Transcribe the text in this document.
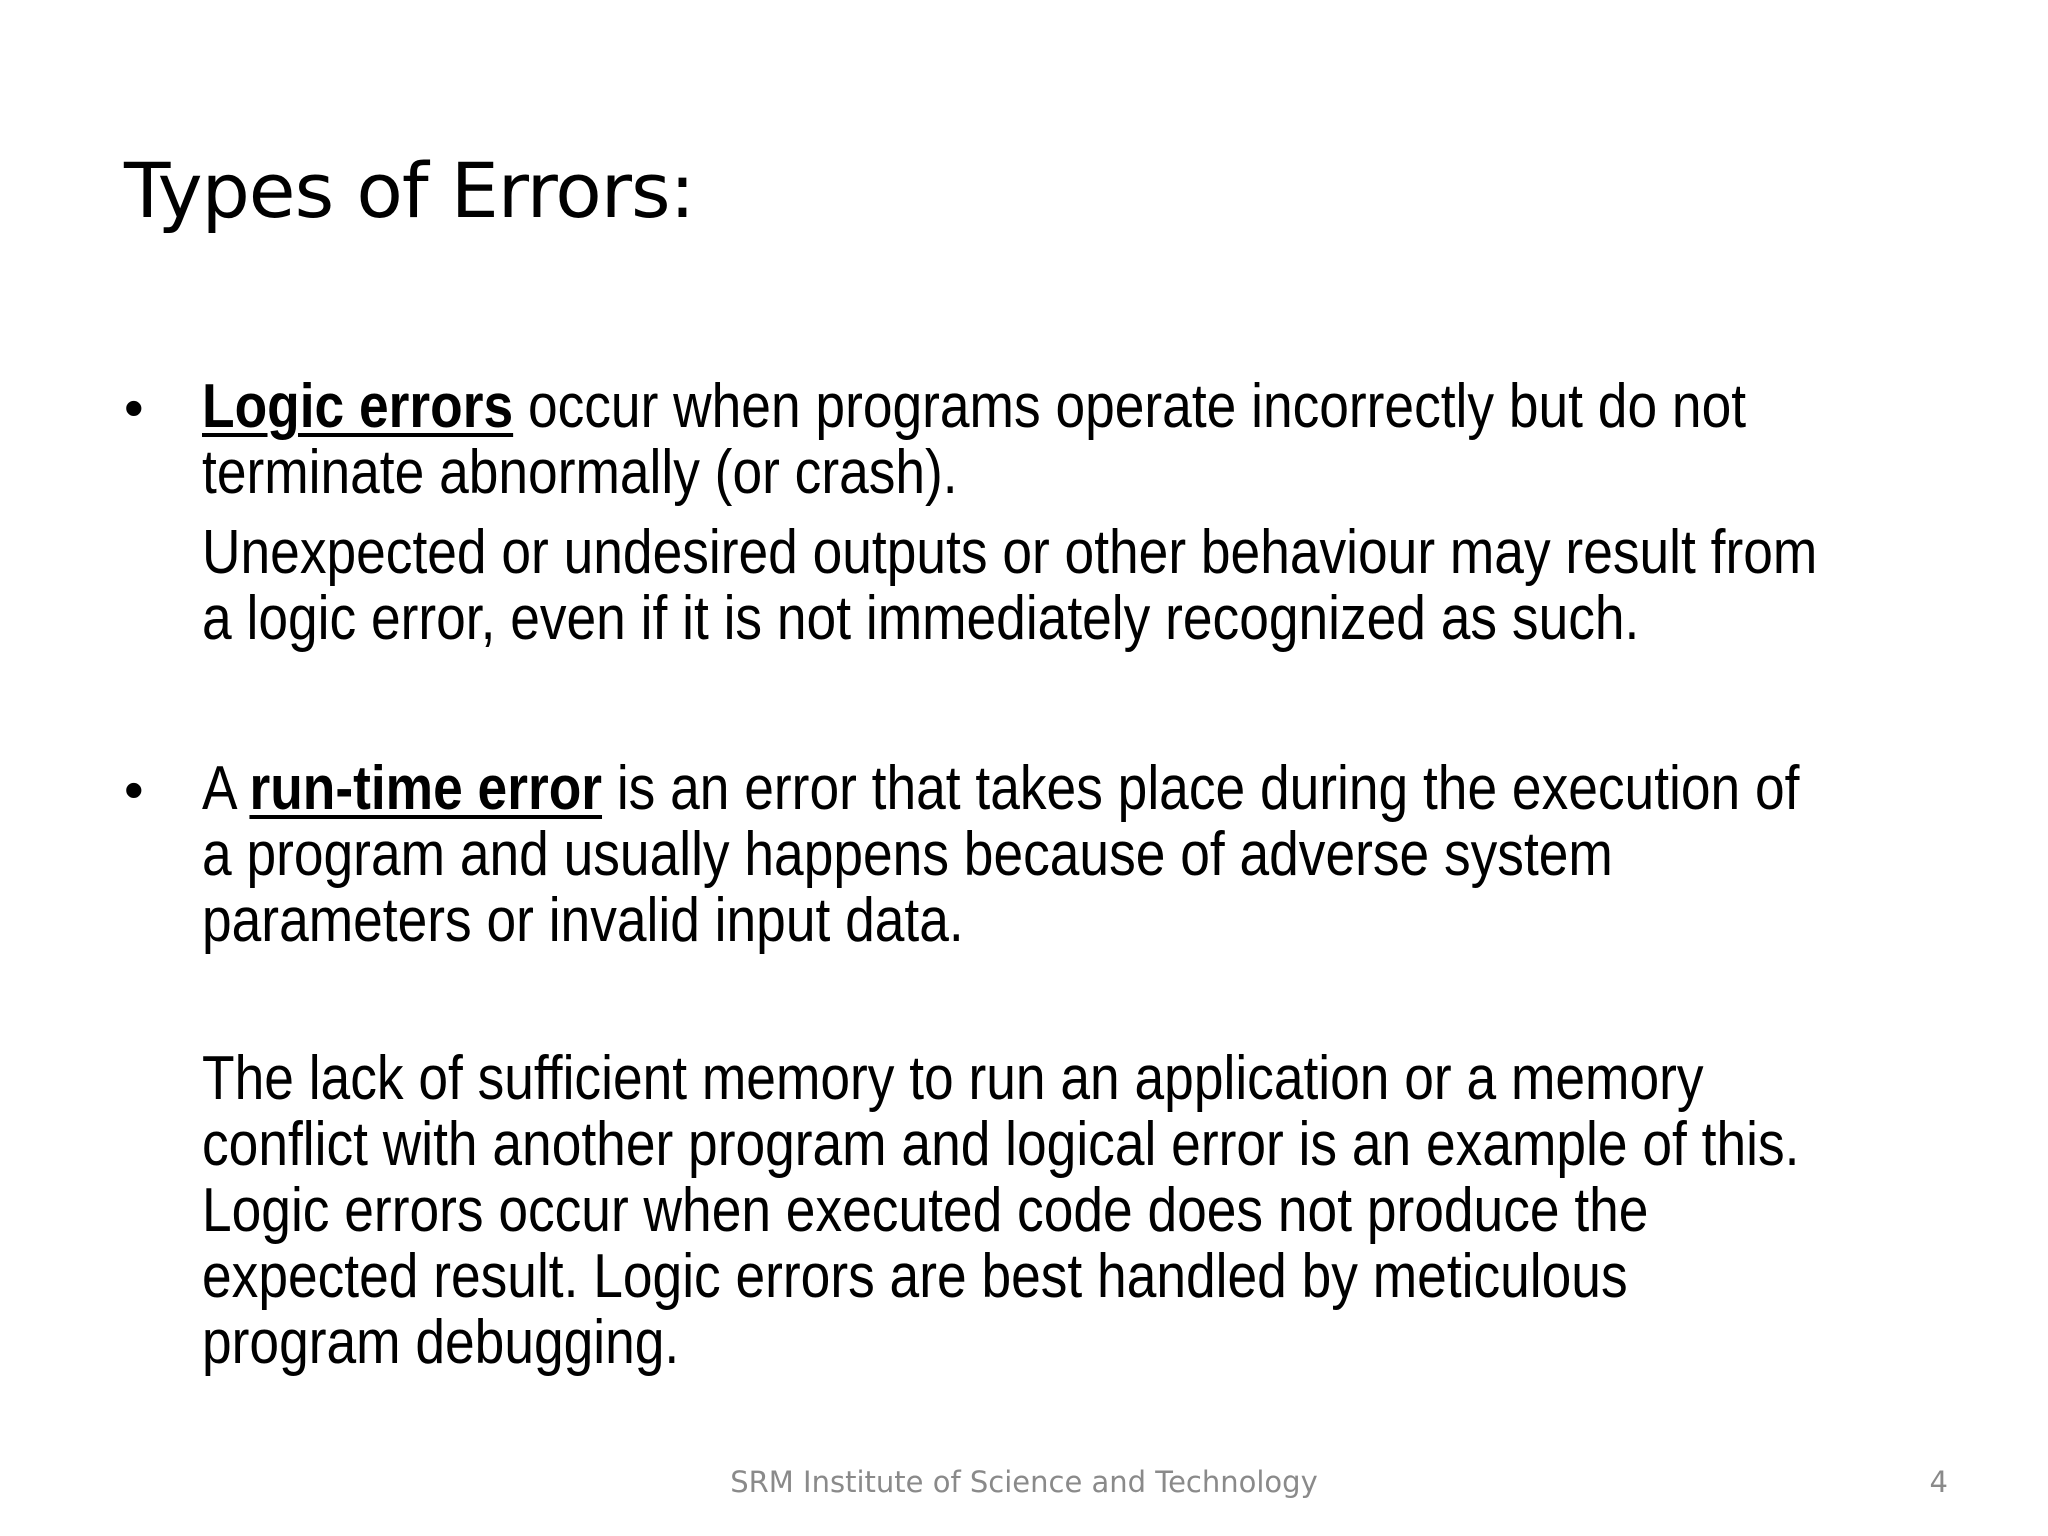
Types of Errors:
• Logic errors occur when programs operate incorrectly but do not
terminate abnormally (or crash).
Unexpected or undesired outputs or other behaviour may result from
a logic error, even if it is not immediately recognized as such.
• A run-time error is an error that takes place during the execution of
a program and usually happens because of adverse system
parameters or invalid input data.
The lack of sufficient memory to run an application or a memory
conflict with another program and logical error is an example of this.
Logic errors occur when executed code does not produce the
expected result. Logic errors are best handled by meticulous
program debugging.
SRM Institute of Science and Technology	4
